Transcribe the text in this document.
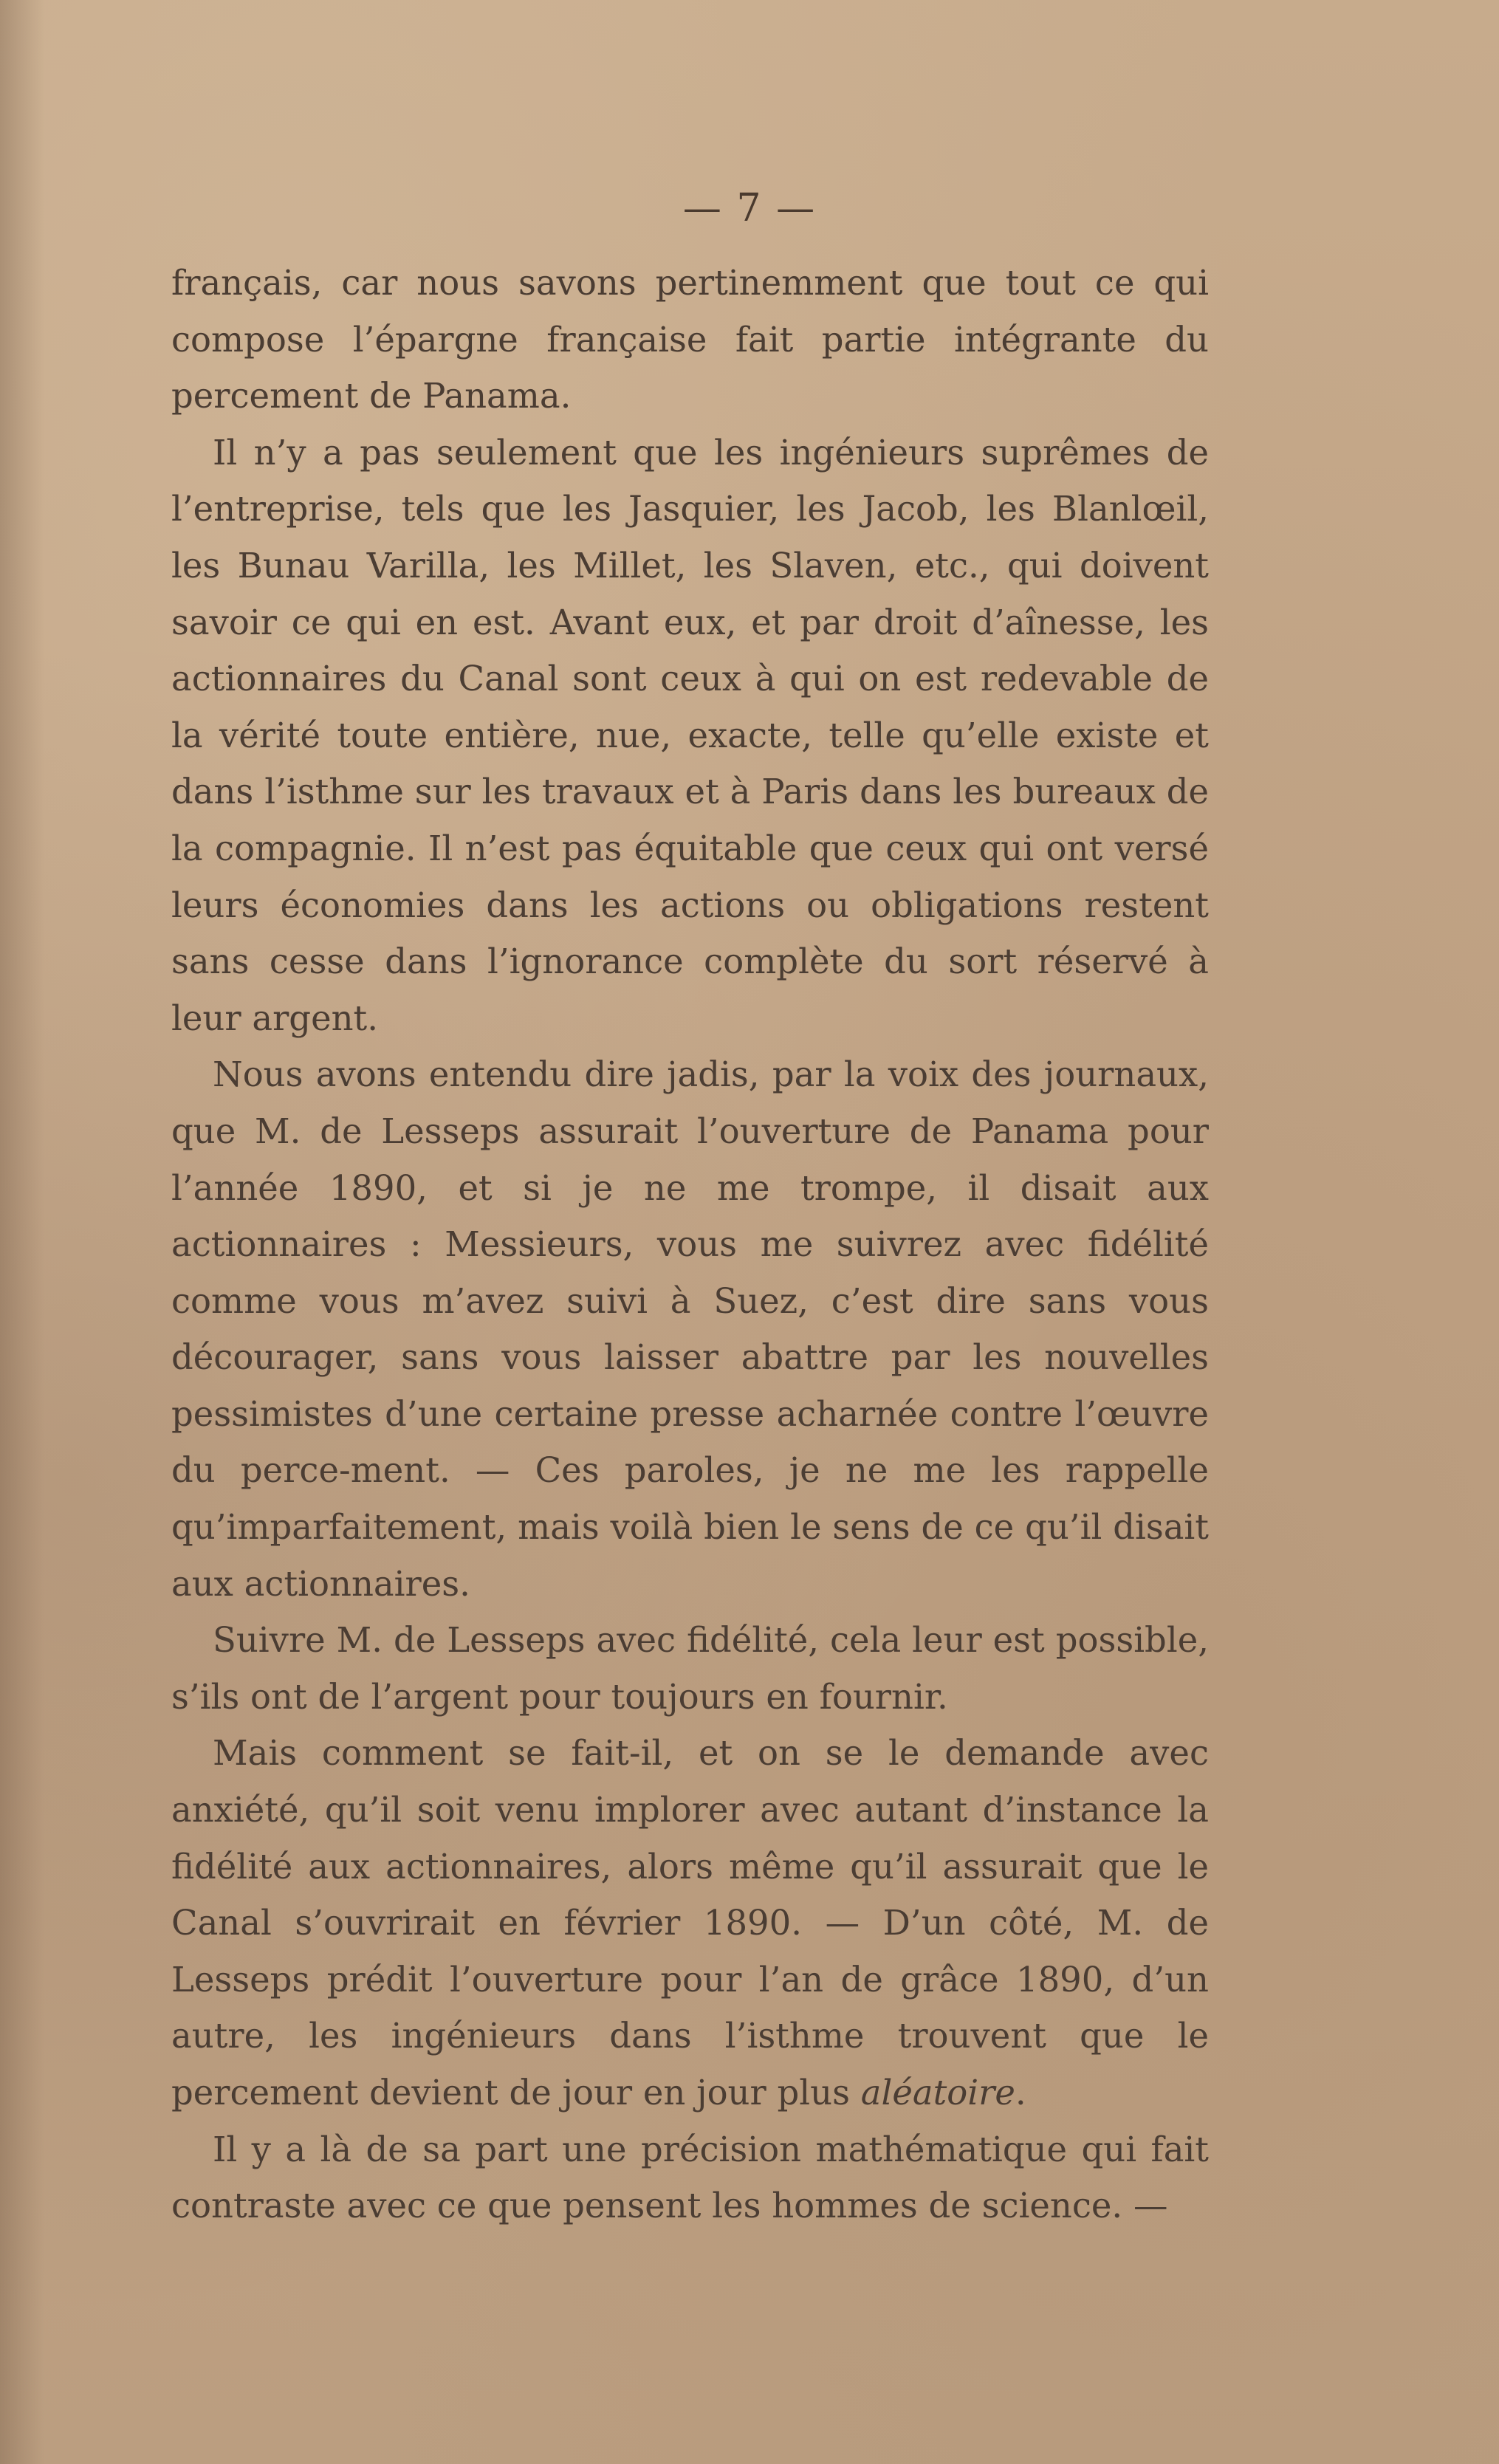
— 7 —

français, car nous savons pertinemment que tout ce qui compose l’épargne française fait partie intégrante du percement de Panama.

Il n’y a pas seulement que les ingénieurs suprêmes de l’entreprise, tels que les Jasquier, les Jacob, les Blanlœil, les Bunau Varilla, les Millet, les Slaven, etc., qui doivent savoir ce qui en est. Avant eux, et par droit d’aînesse, les actionnaires du Canal sont ceux à qui on est redevable de la vérité toute entière, nue, exacte, telle qu’elle existe et dans l’isthme sur les travaux et à Paris dans les bureaux de la compagnie. Il n’est pas équitable que ceux qui ont versé leurs économies dans les actions ou obligations restent sans cesse dans l’ignorance complète du sort réservé à leur argent.

Nous avons entendu dire jadis, par la voix des journaux, que M. de Lesseps assurait l’ouverture de Panama pour l’année 1890, et si je ne me trompe, il disait aux actionnaires : Messieurs, vous me suivrez avec fidélité comme vous m’avez suivi à Suez, c’est dire sans vous décourager, sans vous laisser abattre par les nouvelles pessimistes d’une certaine presse acharnée contre l’œuvre du perce-ment. — Ces paroles, je ne me les rappelle qu’imparfaitement, mais voilà bien le sens de ce qu’il disait aux actionnaires.

Suivre M. de Lesseps avec fidélité, cela leur est possible, s’ils ont de l’argent pour toujours en fournir.

Mais comment se fait-il, et on se le demande avec anxiété, qu’il soit venu implorer avec autant d’instance la fidélité aux actionnaires, alors même qu’il assurait que le Canal s’ouvrirait en février 1890. — D’un côté, M. de Lesseps prédit l’ouverture pour l’an de grâce 1890, d’un autre, les ingénieurs dans l’isthme trouvent que le percement devient de jour en jour plus aléatoire.

Il y a là de sa part une précision mathématique qui fait contraste avec ce que pensent les hommes de science. —
